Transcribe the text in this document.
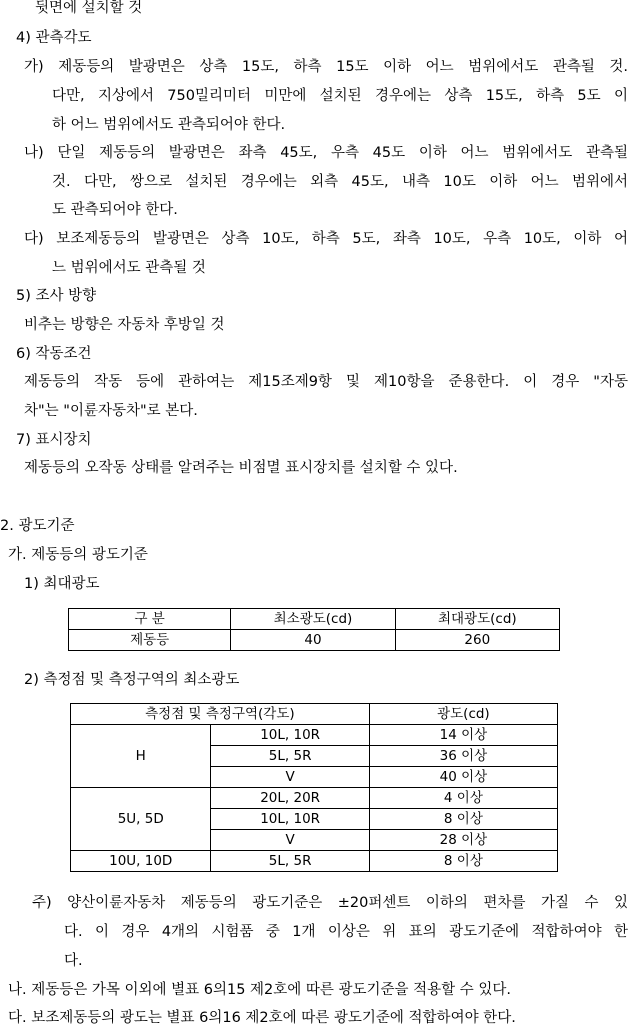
뒷면에 설치할 것
4) 관측각도
가) 제동등의 발광면은 상측 15도, 하측 15도 이하 어느 범위에서도 관측될 것.
다만, 지상에서 750밀리미터 미만에 설치된 경우에는 상측 15도, 하측 5도 이
하 어느 범위에서도 관측되어야 한다.
나) 단일 제동등의 발광면은 좌측 45도, 우측 45도 이하 어느 범위에서도 관측될
것. 다만, 쌍으로 설치된 경우에는 외측 45도, 내측 10도 이하 어느 범위에서
도 관측되어야 한다.
다) 보조제동등의 발광면은 상측 10도, 하측 5도, 좌측 10도, 우측 10도, 이하 어
느 범위에서도 관측될 것
5) 조사 방향
비추는 방향은 자동차 후방일 것
6) 작동조건
제동등의 작동 등에 관하여는 제15조제9항 및 제10항을 준용한다. 이 경우 "자동
차"는 "이륜자동차"로 본다.
7) 표시장치
제동등의 오작동 상태를 알려주는 비점멸 표시장치를 설치할 수 있다.
2. 광도기준
가. 제동등의 광도기준
1) 최대광도
구 분	최소광도(cd)	최대광도(cd)
제동등	40	260
2) 측정점 및 측정구역의 최소광도
측정점 및 측정구역(각도)		광도(cd)
H	10L, 10R	14 이상
	5L, 5R	36 이상
	V	40 이상
5U, 5D	20L, 20R	4 이상
	10L, 10R	8 이상
	V	28 이상
10U, 10D	5L, 5R	8 이상
주) 양산이륜자동차 제동등의 광도기준은 ±20퍼센트 이하의 편차를 가질 수 있
다. 이 경우 4개의 시험품 중 1개 이상은 위 표의 광도기준에 적합하여야 한
다.
나. 제동등은 가목 이외에 별표 6의15 제2호에 따른 광도기준을 적용할 수 있다.
다. 보조제동등의 광도는 별표 6의16 제2호에 따른 광도기준에 적합하여야 한다.
